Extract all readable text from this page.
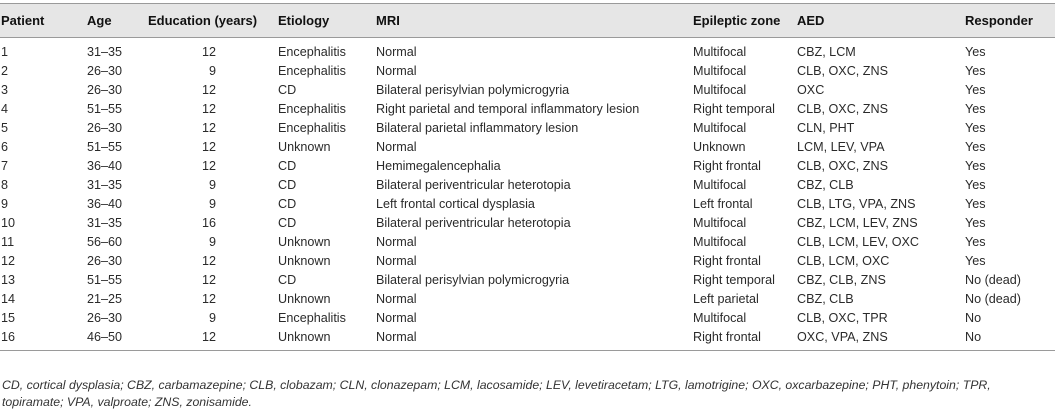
Patient	Age	Education (years)	Etiology	MRI	Epileptic zone	AED	Responder
1	31–35	12	Encephalitis	Normal	Multifocal	CBZ, LCM	Yes
2	26–30	9	Encephalitis	Normal	Multifocal	CLB, OXC, ZNS	Yes
3	26–30	12	CD	Bilateral perisylvian polymicrogyria	Multifocal	OXC	Yes
4	51–55	12	Encephalitis	Right parietal and temporal inflammatory lesion	Right temporal	CLB, OXC, ZNS	Yes
5	26–30	12	Encephalitis	Bilateral parietal inflammatory lesion	Multifocal	CLN, PHT	Yes
6	51–55	12	Unknown	Normal	Unknown	LCM, LEV, VPA	Yes
7	36–40	12	CD	Hemimegalencephalia	Right frontal	CLB, OXC, ZNS	Yes
8	31–35	9	CD	Bilateral periventricular heterotopia	Multifocal	CBZ, CLB	Yes
9	36–40	9	CD	Left frontal cortical dysplasia	Left frontal	CLB, LTG, VPA, ZNS	Yes
10	31–35	16	CD	Bilateral periventricular heterotopia	Multifocal	CBZ, LCM, LEV, ZNS	Yes
11	56–60	9	Unknown	Normal	Multifocal	CLB, LCM, LEV, OXC	Yes
12	26–30	12	Unknown	Normal	Right frontal	CLB, LCM, OXC	Yes
13	51–55	12	CD	Bilateral perisylvian polymicrogyria	Right temporal	CBZ, CLB, ZNS	No (dead)
14	21–25	12	Unknown	Normal	Left parietal	CBZ, CLB	No (dead)
15	26–30	9	Encephalitis	Normal	Multifocal	CLB, OXC, TPR	No
16	46–50	12	Unknown	Normal	Right frontal	OXC, VPA, ZNS	No
CD, cortical dysplasia; CBZ, carbamazepine; CLB, clobazam; CLN, clonazepam; LCM, lacosamide; LEV, levetiracetam; LTG, lamotrigine; OXC, oxcarbazepine; PHT, phenytoin; TPR, topiramate; VPA, valproate; ZNS, zonisamide.
